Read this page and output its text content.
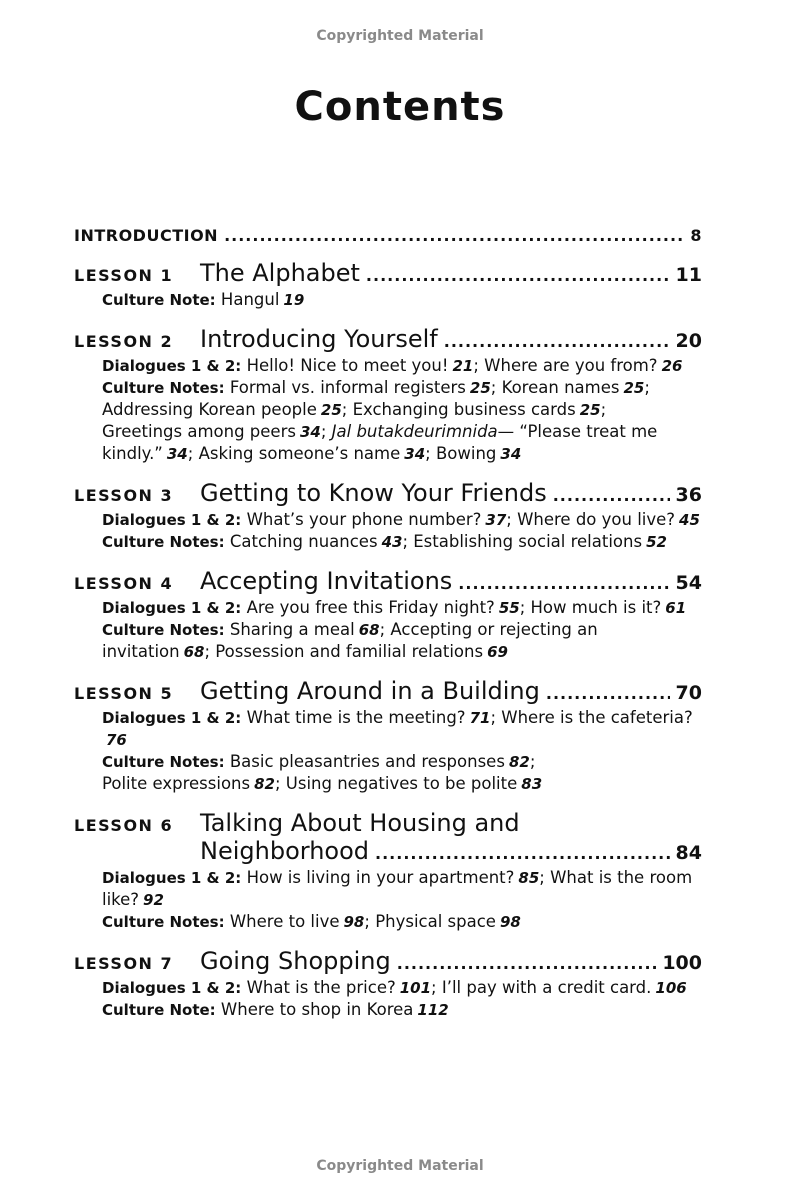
Copyrighted Material
Contents
INTRODUCTION .....	8
LESSON 1	The Alphabet .....	11
Culture Note: Hangul 19
LESSON 2	Introducing Yourself .....	20
Dialogues 1 & 2: Hello! Nice to meet you! 21; Where are you from? 26
Culture Notes: Formal vs. informal registers 25; Korean names 25;
Addressing Korean people 25; Exchanging business cards 25;
Greetings among peers 34; Jal butakdeurimnida— “Please treat me kindly.” 34; Asking someone’s name 34; Bowing 34
LESSON 3	Getting to Know Your Friends .....	36
Dialogues 1 & 2: What’s your phone number? 37; Where do you live? 45
Culture Notes: Catching nuances 43; Establishing social relations 52
LESSON 4	Accepting Invitations .....	54
Dialogues 1 & 2: Are you free this Friday night? 55; How much is it? 61
Culture Notes: Sharing a meal 68; Accepting or rejecting an invitation 68; Possession and familial relations 69
LESSON 5	Getting Around in a Building .....	70
Dialogues 1 & 2: What time is the meeting? 71; Where is the cafeteria?76
Culture Notes: Basic pleasantries and responses 82;
Polite expressions 82; Using negatives to be polite 83
LESSON 6	Talking About Housing and
Neighborhood .....	84
Dialogues 1 & 2: How is living in your apartment? 85; What is the room like? 92
Culture Notes: Where to live 98; Physical space 98
LESSON 7	Going Shopping .....	100
Dialogues 1 & 2: What is the price? 101; I’ll pay with a credit card. 106
Culture Note: Where to shop in Korea 112
Copyrighted Material
